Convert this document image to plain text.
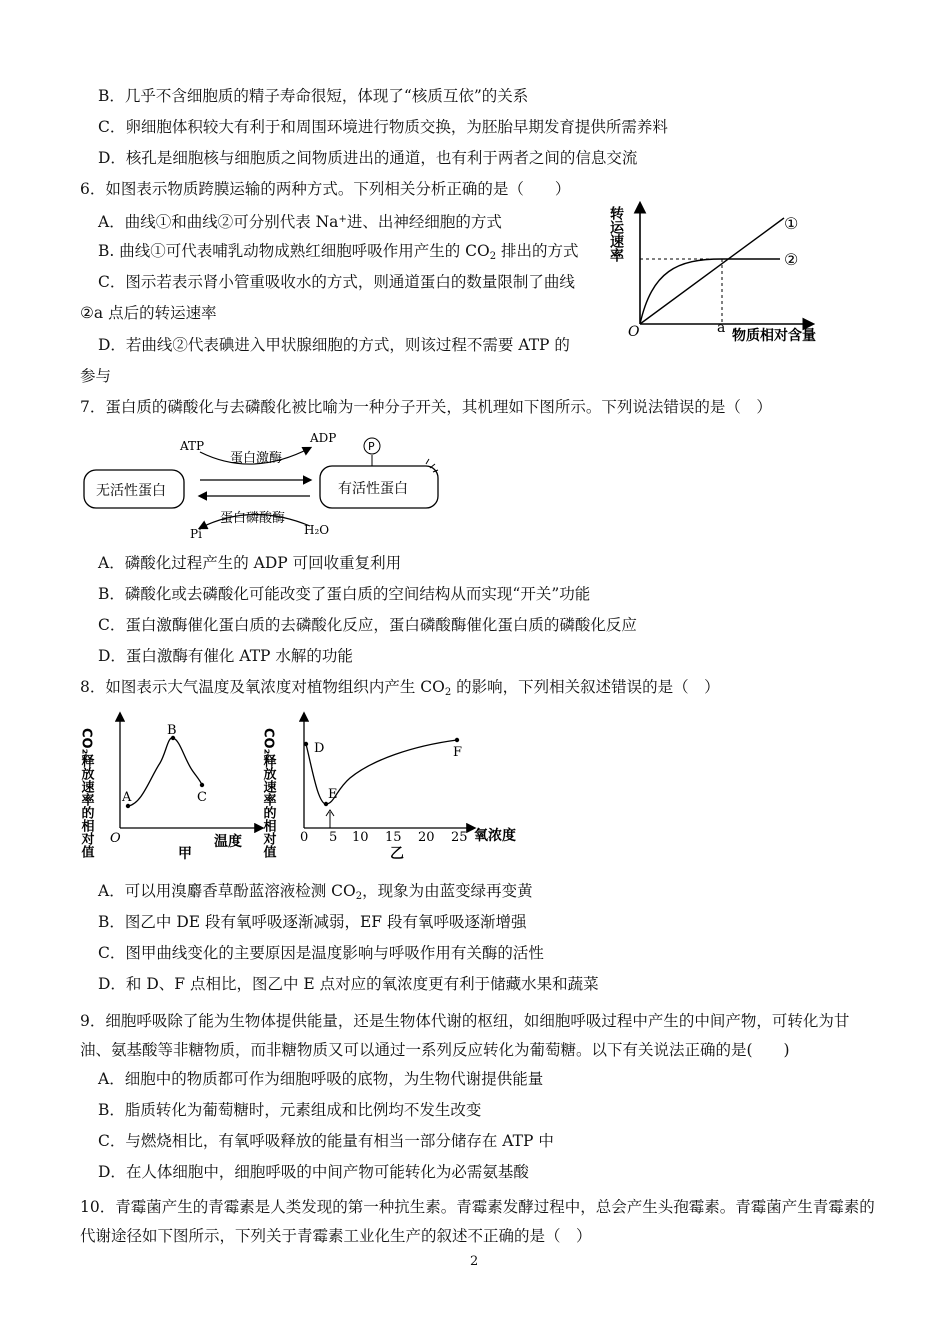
B．几乎不含细胞质的精子寿命很短，体现了“核质互依”的关系
C．卵细胞体积较大有利于和周围环境进行物质交换，为胚胎早期发育提供所需养料
D．核孔是细胞核与细胞质之间物质进出的通道，也有利于两者之间的信息交流
6．如图表示物质跨膜运输的两种方式。下列相关分析正确的是（　　）
A．曲线①和曲线②可分别代表 Na+进、出神经细胞的方式
B. 曲线①可代表哺乳动物成熟红细胞呼吸作用产生的 $CO_2$ 排出的方式
C．图示若表示肾小管重吸收水的方式，则通道蛋白的数量限制了曲线
②a 点后的转运速率
D．若曲线②代表碘进入甲状腺细胞的方式，则该过程不需要 ATP 的
参与
转运速率
物质相对含量
O	a
①
②
7．蛋白质的磷酸化与去磷酸化被比喻为一种分子开关，其机理如下图所示。下列说法错误的是（　）
无活性蛋白	有活性蛋白
P
ATP
ADP
蛋白激酶
蛋白磷酸酶
Pi	H₂O
A．磷酸化过程产生的 ADP 可回收重复利用
B．磷酸化或去磷酸化可能改变了蛋白质的空间结构从而实现“开关”功能
C．蛋白激酶催化蛋白质的去磷酸化反应，蛋白磷酸酶催化蛋白质的磷酸化反应
D．蛋白激酶有催化 ATP 水解的功能
8．如图表示大气温度及氧浓度对植物组织内产生 $CO_2$ 的影响，下列相关叙述错误的是（　）
CO₂释放速率的相对值 O	温度
甲
A
B
C	CO₂释放速率的相对值	氧浓度
乙
0 5 10 15 20 25
D
E
F
A．可以用溴麝香草酚蓝溶液检测 $CO_2$，现象为由蓝变绿再变黄
B．图乙中 DE 段有氧呼吸逐渐减弱，EF 段有氧呼吸逐渐增强
C．图甲曲线变化的主要原因是温度影响与呼吸作用有关酶的活性
D．和 D、F 点相比，图乙中 E 点对应的氧浓度更有利于储藏水果和蔬菜
9．细胞呼吸除了能为生物体提供能量，还是生物体代谢的枢纽，如细胞呼吸过程中产生的中间产物，可转化为甘油、氨基酸等非糖物质，而非糖物质又可以通过一系列反应转化为葡萄糖。以下有关说法正确的是(　　)
A．细胞中的物质都可作为细胞呼吸的底物，为生物代谢提供能量
B．脂质转化为葡萄糖时，元素组成和比例均不发生改变
C．与燃烧相比，有氧呼吸释放的能量有相当一部分储存在 ATP 中
D．在人体细胞中，细胞呼吸的中间产物可能转化为必需氨基酸
10．青霉菌产生的青霉素是人类发现的第一种抗生素。青霉素发酵过程中，总会产生头孢霉素。青霉菌产生青霉素的代谢途径如下图所示，下列关于青霉素工业化生产的叙述不正确的是（　）
2
